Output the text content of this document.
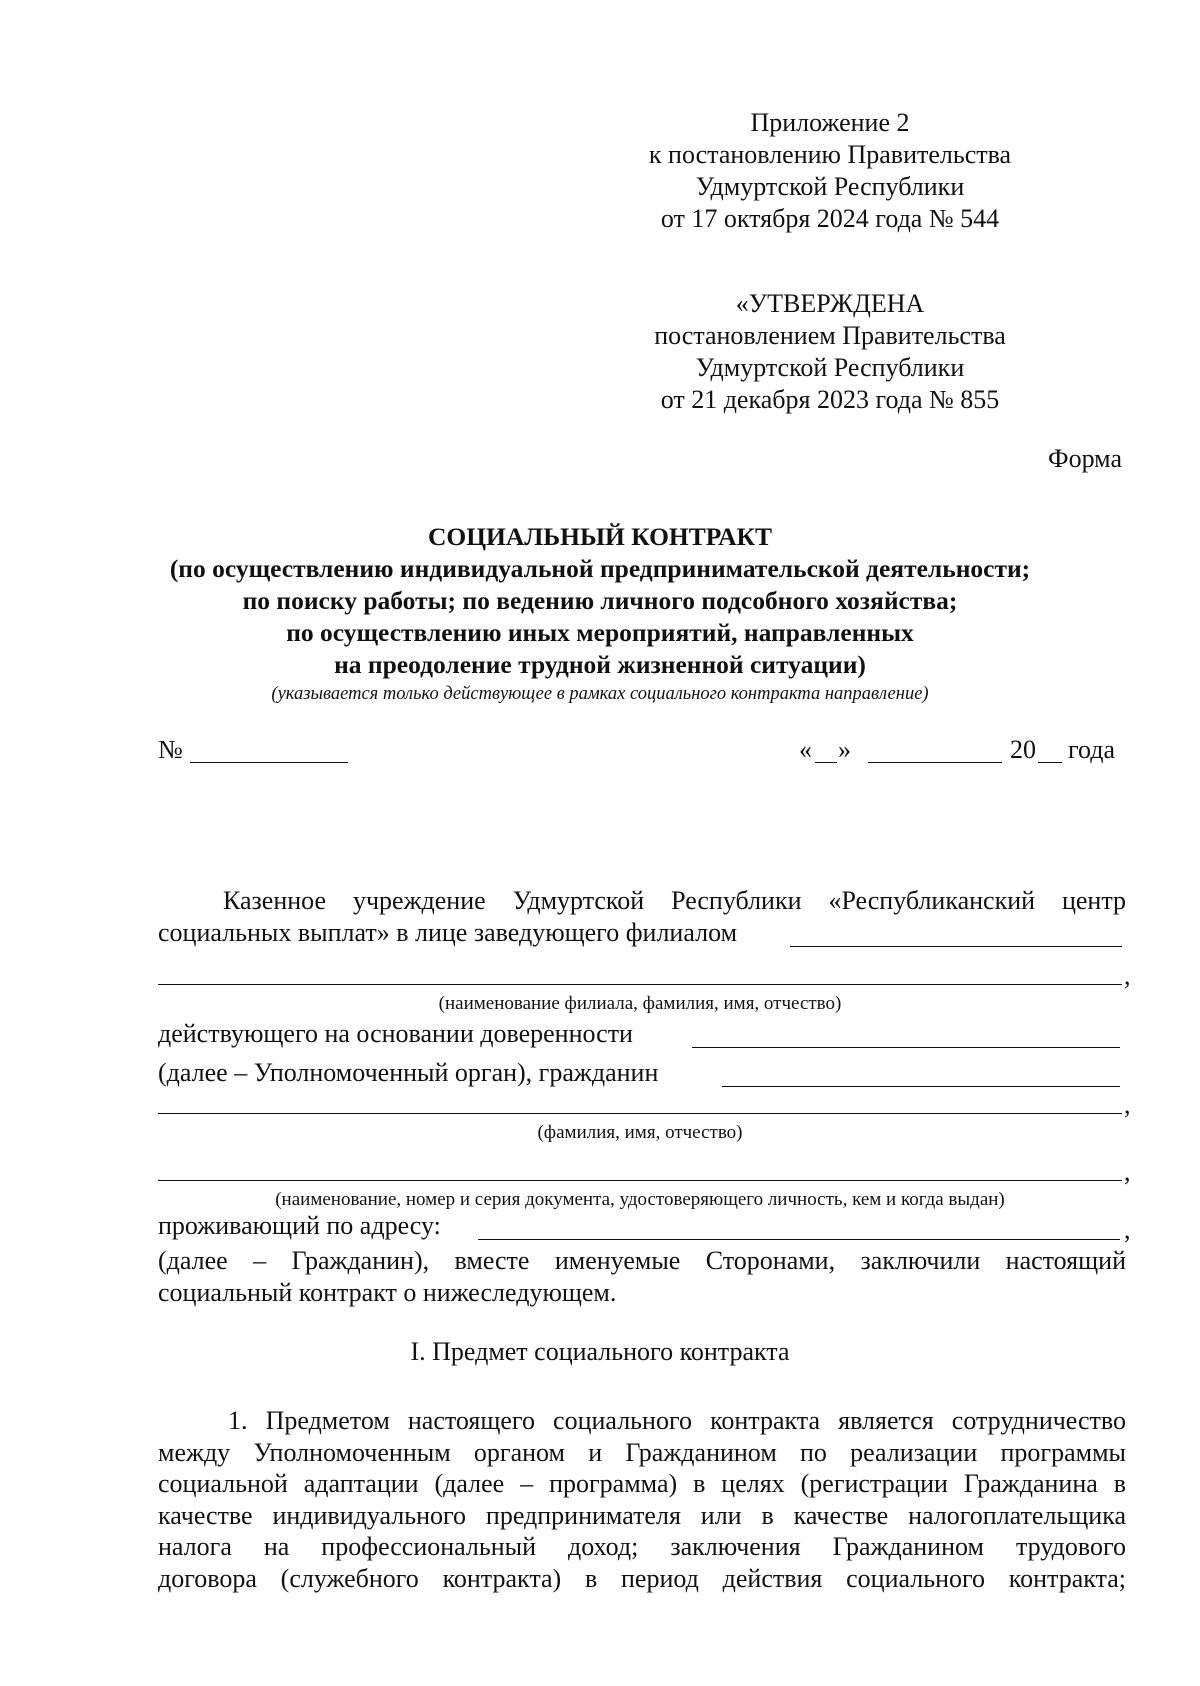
Приложение 2
к постановлению Правительства
Удмуртской Республики
от 17 октября 2024 года № 544
«УТВЕРЖДЕНА
постановлением Правительства
Удмуртской Республики
от 21 декабря 2023 года № 855
Форма
СОЦИАЛЬНЫЙ КОНТРАКТ
(по осуществлению индивидуальной предпринимательской деятельности;
по поиску работы; по ведению личного подсобного хозяйства;
по осуществлению иных мероприятий, направленных
на преодоление трудной жизненной ситуации)
(указывается только действующее в рамках социального контракта направление)
№	« »	20 года
Казенное учреждение Удмуртской Республики «Республиканский центр
социальных выплат» в лице заведующего филиалом
,
(наименование филиала, фамилия, имя, отчество)
действующего на основании доверенности
(далее – Уполномоченный орган), гражданин
,
(фамилия, имя, отчество)
,
(наименование, номер и серия документа, удостоверяющего личность, кем и когда выдан)
проживающий по адресу:	,
(далее – Гражданин), вместе именуемые Сторонами, заключили настоящий
социальный контракт о нижеследующем.
I. Предмет социального контракта
1. Предметом настоящего социального контракта является сотрудничество
между Уполномоченным органом и Гражданином по реализации программы
социальной адаптации (далее – программа) в целях (регистрации Гражданина в
качестве индивидуального предпринимателя или в качестве налогоплательщика
налога на профессиональный доход; заключения Гражданином трудового
договора (служебного контракта) в период действия социального контракта;
